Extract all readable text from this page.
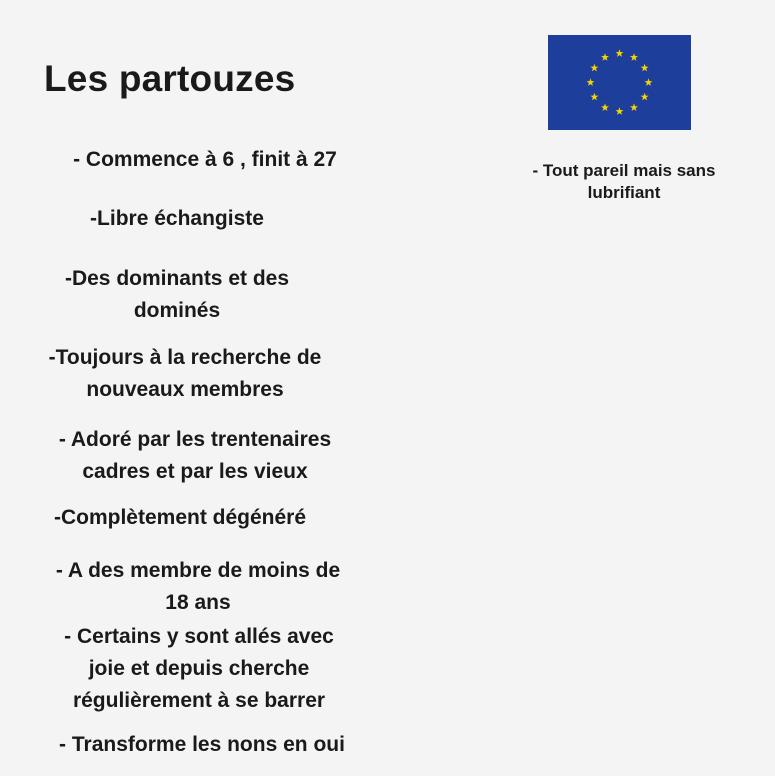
Les partouzes
- Commence à 6 , finit à 27
-Libre échangiste
-Des dominants et des
dominés
-Toujours à la recherche de
nouveaux membres
- Adoré par les trentenaires
cadres et par les vieux
-Complètement dégénéré
- A des membre de moins de
18 ans
- Certains y sont allés avec
joie et depuis cherche
régulièrement à se barrer
- Transforme les nons en oui
- Tout pareil mais sans
lubrifiant
